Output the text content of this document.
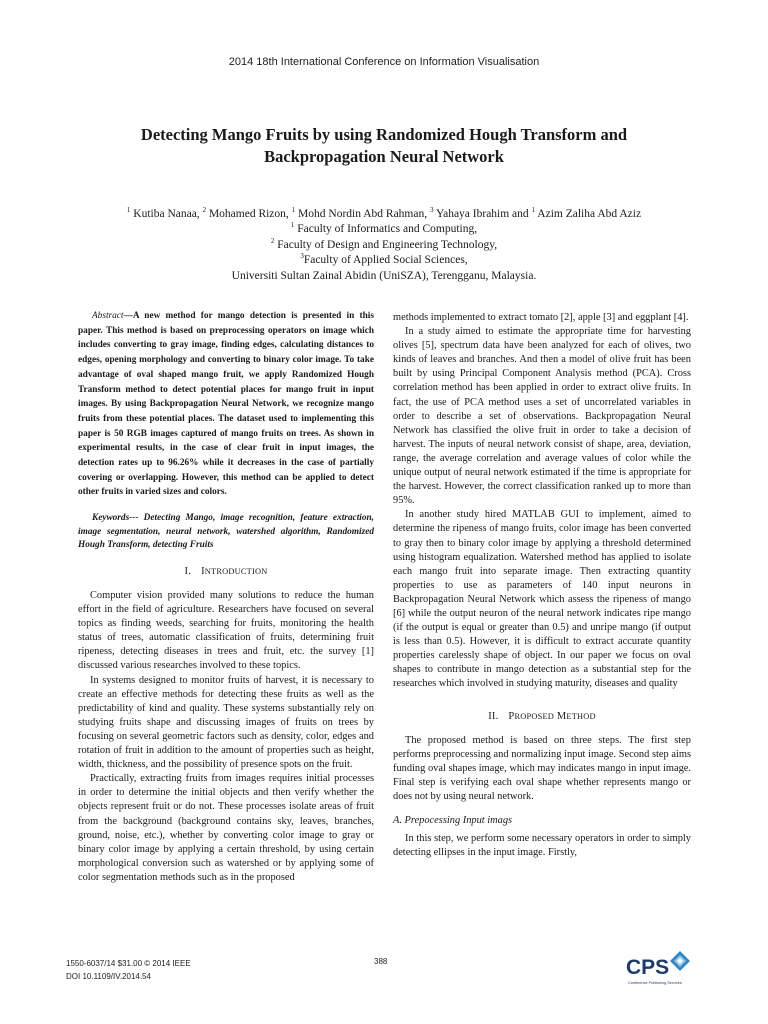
2014 18th International Conference on Information Visualisation
Detecting Mango Fruits by using Randomized Hough Transform and
Backpropagation Neural Network
$^1$ Kutiba Nanaa, $^2$ Mohamed Rizon, $^1$ Mohd Nordin Abd Rahman, $^3$ Yahaya Ibrahim and $^1$ Azim Zaliha Abd Aziz
$^1$ Faculty of Informatics and Computing,
$^2$ Faculty of Design and Engineering Technology,
$^3$Faculty of Applied Social Sciences,
Universiti Sultan Zainal Abidin (UniSZA), Terengganu, Malaysia.

Abstract—A new method for mango detection is presented in this paper. This method is based on preprocessing operators on image which includes converting to gray image, finding edges, calculating distances to edges, opening morphology and converting to binary color image. To take advantage of oval shaped mango fruit, we apply Randomized Hough Transform method to detect potential places for mango fruit in input images. By using Backpropagation Neural Network, we recognize mango fruits from these potential places. The dataset used to implementing this paper is 50 RGB images captured of mango fruits on trees. As shown in experimental results, in the case of clear fruit in input images, the detection rates up to 96.26% while it decreases in the case of partially covering or overlapping. However, this method can be applied to detect other fruits in varied sizes and colors.

Keywords--- Detecting Mango, image recognition, feature extraction, image segmentation, neural network, watershed algorithm, Randomized Hough Transform, detecting Fruits

I. INTRODUCTION

Computer vision provided many solutions to reduce the human effort in the field of agriculture. Researchers have focused on several topics as finding weeds, searching for fruits, monitoring the health status of trees, automatic classification of fruits, determining fruit ripeness, detecting diseases in trees and fruit, etc. the survey [1] discussed various researches involved to these topics.

In systems designed to monitor fruits of harvest, it is necessary to create an effective methods for detecting these fruits as well as the predictability of kind and quality. These systems substantially rely on studying fruits shape and discussing images of fruits on trees by focusing on several geometric factors such as density, color, edges and rotation of fruit in addition to the amount of properties such as height, width, thickness, and the possibility of presence spots on the fruit.

Practically, extracting fruits from images requires initial processes in order to determine the initial objects and then verify whether the objects represent fruit or do not. These processes isolate areas of fruit from the background (background contains sky, leaves, branches, ground, noise, etc.), whether by converting color image to gray or binary color image by applying a certain threshold, by using certain morphological conversion such as watershed or by applying some of color segmentation methods such as in the proposed

methods implemented to extract tomato [2], apple [3] and eggplant [4].

In a study aimed to estimate the appropriate time for harvesting olives [5], spectrum data have been analyzed for each of olives, two kinds of leaves and branches. And then a model of olive fruit has been built by using Principal Component Analysis method (PCA). Cross correlation method has been applied in order to extract olive fruits. In fact, the use of PCA method uses a set of uncorrelated variables in order to describe a set of observations. Backpropagation Neural Network has classified the olive fruit in order to take a decision of harvest. The inputs of neural network consist of shape, area, deviation, range, the average correlation and average values of color while the unique output of neural network estimated if the time is appropriate for the harvest. However, the correct classification ranked up to more than 95%.

In another study hired MATLAB GUI to implement, aimed to determine the ripeness of mango fruits, color image has been converted to gray then to binary color image by applying a threshold determined using histogram equalization. Watershed method has applied to isolate each mango fruit into separate image. Then extracting quantity properties to use as parameters of 140 input neurons in Backpropagation Neural Network which assess the ripeness of mango [6] while the output neuron of the neural network indicates ripe mango (if the output is equal or greater than 0.5) and unripe mango (if output is less than 0.5). However, it is difficult to extract accurate quantity properties carelessly shape of object. In our paper we focus on oval shapes to contribute in mango detection as a substantial step for the researches which involved in studying maturity, diseases and quality

II. PROPOSED METHOD

The proposed method is based on three steps. The first step performs preprocessing and normalizing input image. Second step aims funding oval shapes image, which may indicates mango in input image. Final step is verifying each oval shape whether represents mango or does not by using neural network.

A. Prepocessing Input imags

In this step, we perform some necessary operators in order to simply detecting ellipses in the input image. Firstly,

1550-6037/14 $31.00 © 2014 IEEE
DOI 10.1109/IV.2014.54
388	CPS
Conference Publishing Services
